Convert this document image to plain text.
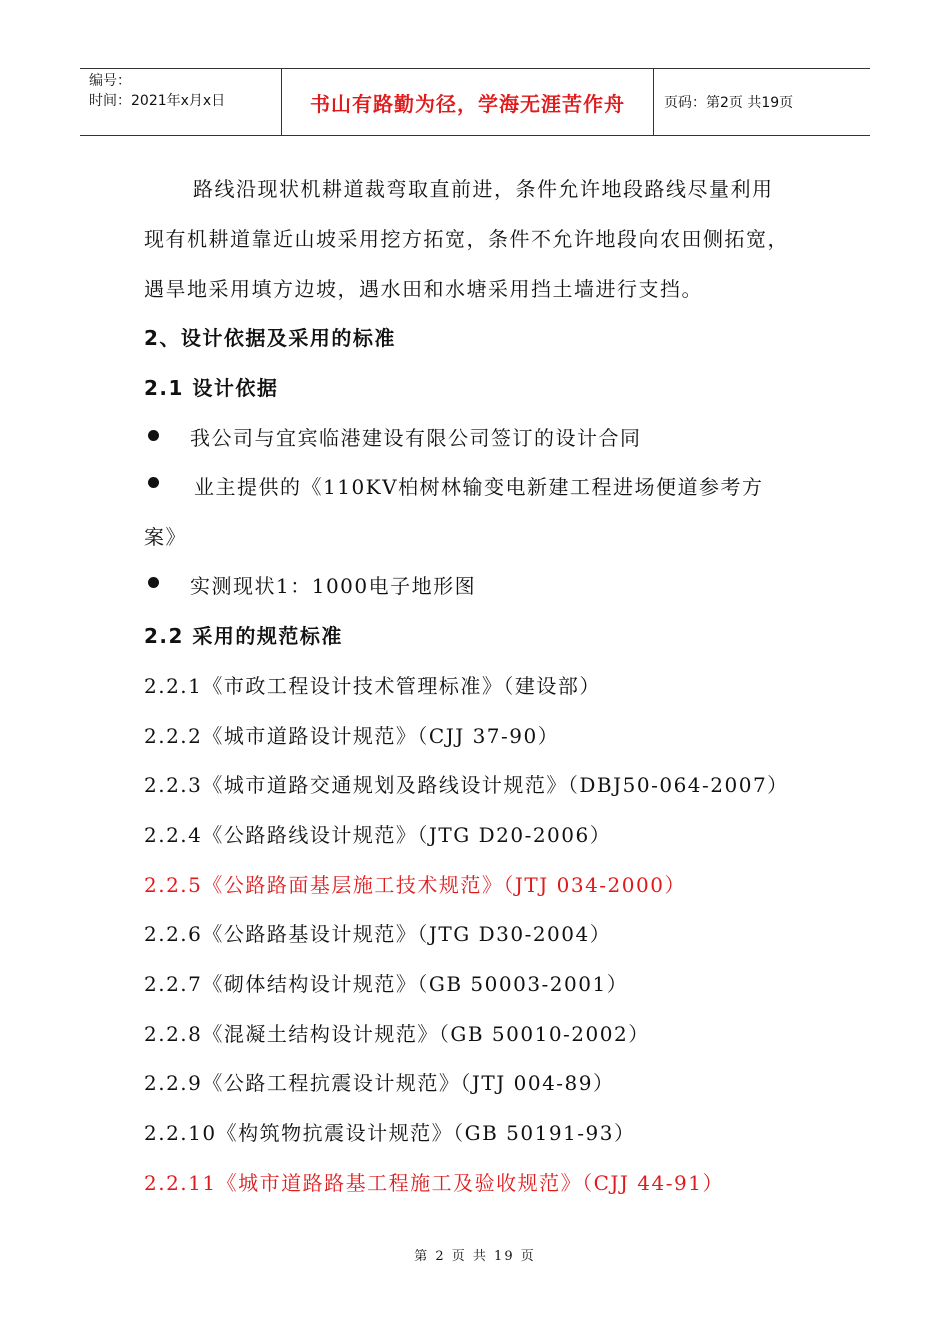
编号：
时间：2021年x月x日	书山有路勤为径，学海无涯苦作舟	页码：第2页 共19页
路线沿现状机耕道裁弯取直前进，条件允许地段路线尽量利用
现有机耕道靠近山坡采用挖方拓宽，条件不允许地段向农田侧拓宽，
遇旱地采用填方边坡，遇水田和水塘采用挡土墙进行支挡。
2、设计依据及采用的标准
2.1 设计依据
我公司与宜宾临港建设有限公司签订的设计合同
业主提供的《110KV柏树林输变电新建工程进场便道参考方
案》
实测现状1：1000电子地形图
2.2 采用的规范标准
2.2.1《市政工程设计技术管理标准》（建设部）
2.2.2《城市道路设计规范》（CJJ 37-90）
2.2.3《城市道路交通规划及路线设计规范》（DBJ50-064-2007）
2.2.4《公路路线设计规范》（JTG D20-2006）
2.2.5《公路路面基层施工技术规范》（JTJ 034-2000）
2.2.6《公路路基设计规范》（JTG D30-2004）
2.2.7《砌体结构设计规范》（GB 50003-2001）
2.2.8《混凝土结构设计规范》（GB 50010-2002）
2.2.9《公路工程抗震设计规范》（JTJ 004-89）
2.2.10《构筑物抗震设计规范》（GB 50191-93）
2.2.11《城市道路路基工程施工及验收规范》（CJJ 44-91）
第 2 页 共 19 页
